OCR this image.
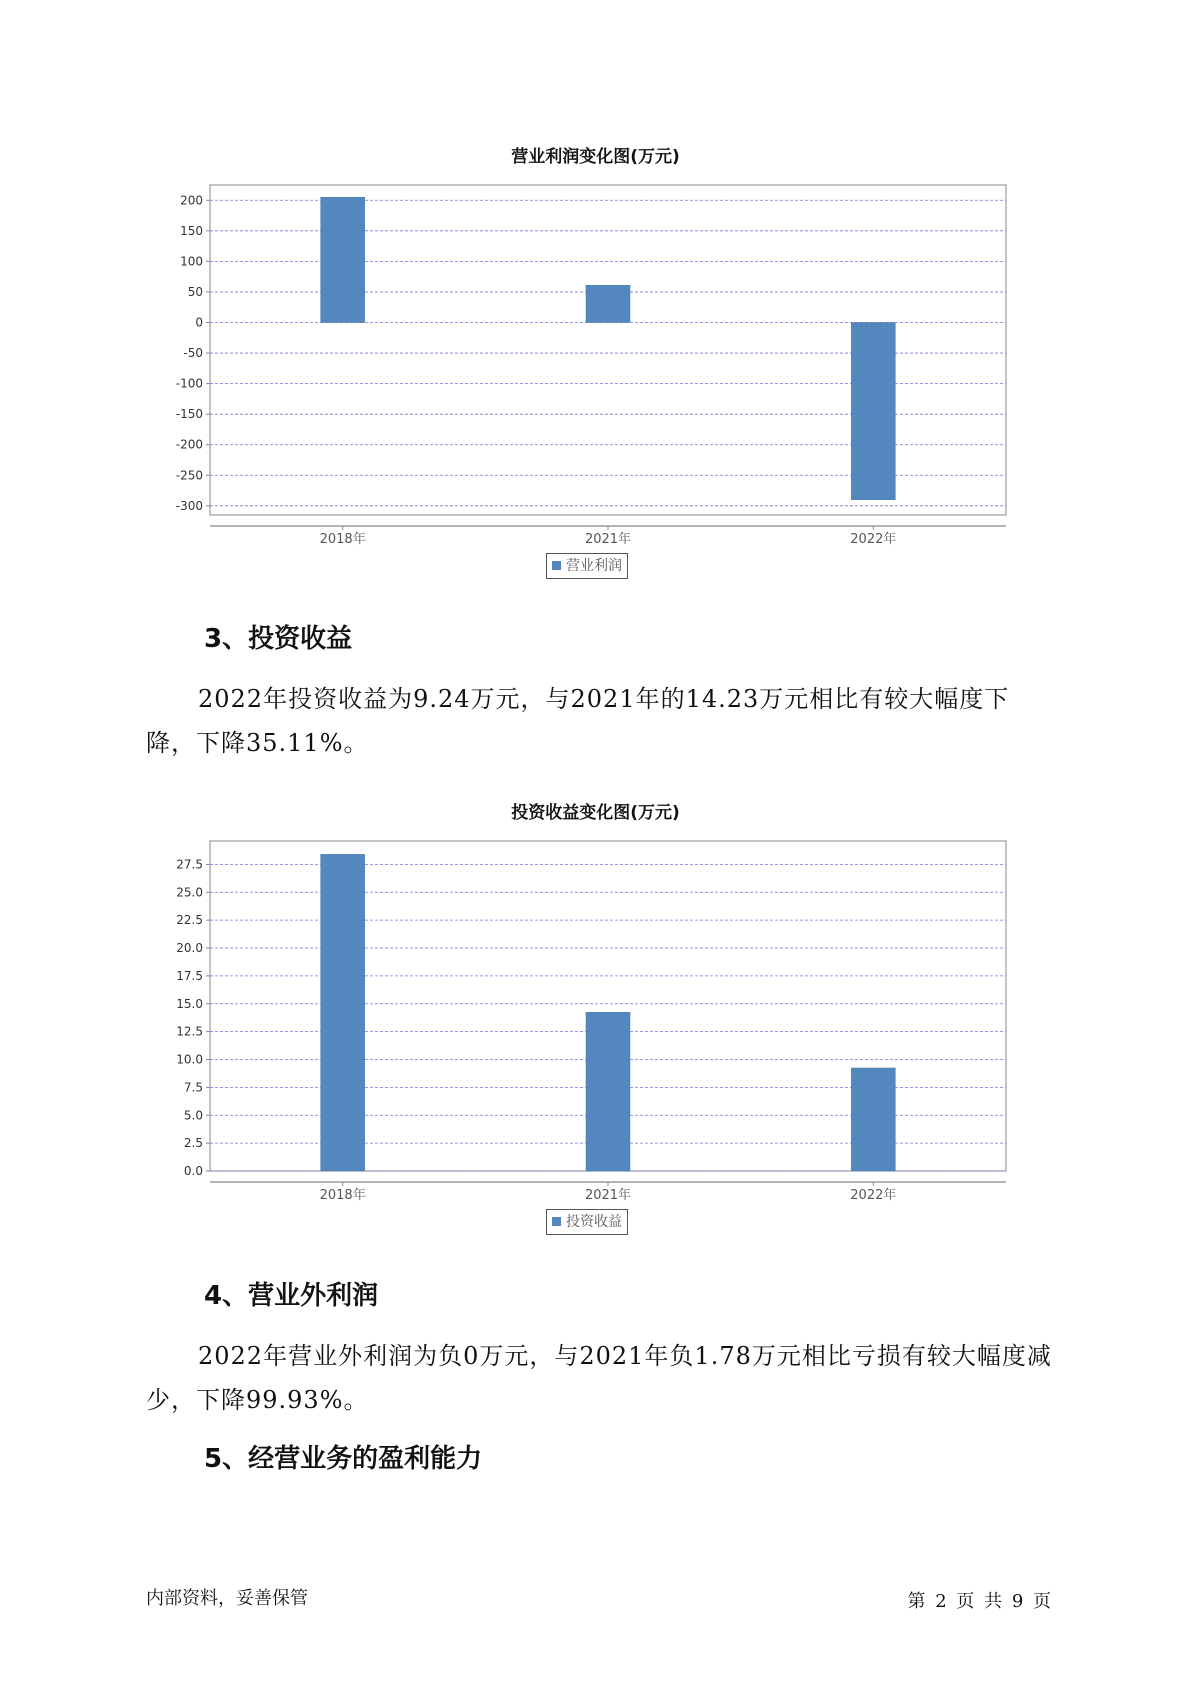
营业利润变化图(万元)
200
150
100
50
0
-50
-100
-150
-200
-250
-300
2018年	2021年	2022年
营业利润
3、投资收益
2022年投资收益为9.24万元，与2021年的14.23万元相比有较大幅度下降，下降35.11%。
投资收益变化图(万元)
27.5
25.0
22.5
20.0
17.5
15.0
12.5
10.0
7.5
5.0
2.5
0.0
2018年	2021年	2022年
投资收益
4、营业外利润
2022年营业外利润为负0万元，与2021年负1.78万元相比亏损有较大幅度减少，下降99.93%。
5、经营业务的盈利能力
内部资料，妥善保管	第 2 页 共 9 页
